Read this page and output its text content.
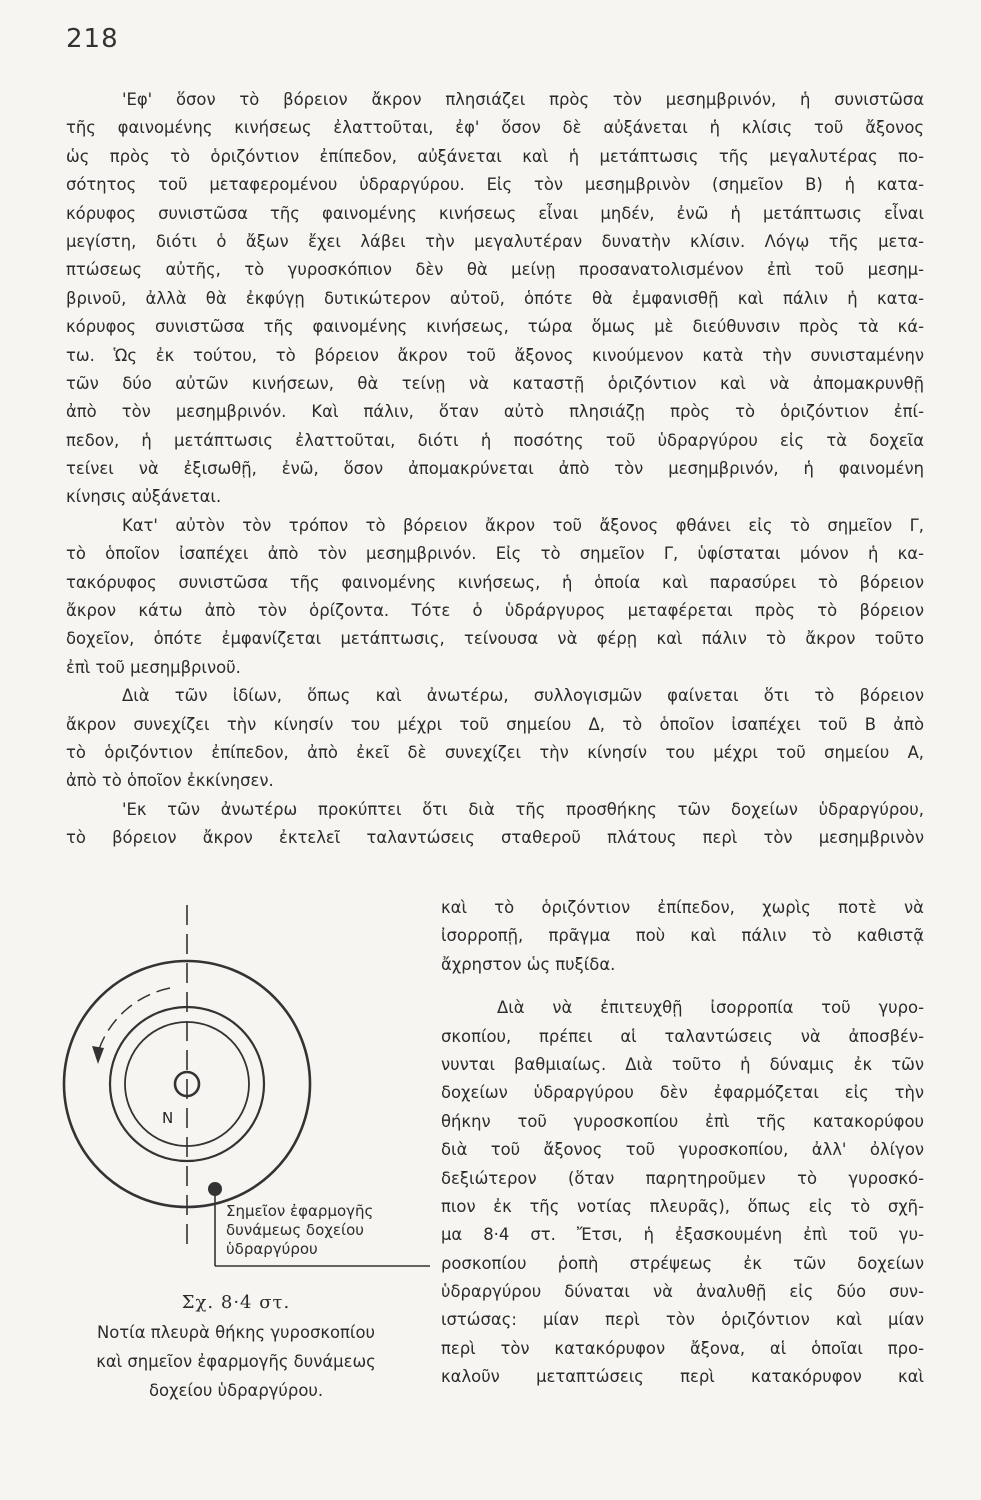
218
'Εφ' ὅσον τὸ βόρειον ἄκρον πλησιάζει πρὸς τὸν μεσημβρινόν, ἡ συνιστῶσα
τῆς φαινομένης κινήσεως ἐλαττοῦται, ἐφ' ὅσον δὲ αὐξάνεται ἡ κλίσις τοῦ ἄξονος
ὡς πρὸς τὸ ὁριζόντιον ἐπίπεδον, αὐξάνεται καὶ ἡ μετάπτωσις τῆς μεγαλυτέρας πο-
σότητος τοῦ μεταφερομένου ὑδραργύρου. Εἰς τὸν μεσημβρινὸν (σημεῖον Β) ἡ κατα-
κόρυφος συνιστῶσα τῆς φαινομένης κινήσεως εἶναι μηδέν, ἐνῶ ἡ μετάπτωσις εἶναι
μεγίστη, διότι ὁ ἄξων ἔχει λάβει τὴν μεγαλυτέραν δυνατὴν κλίσιν. Λόγῳ τῆς μετα-
πτώσεως αὐτῆς, τὸ γυροσκόπιον δὲν θὰ μείνῃ προσανατολισμένον ἐπὶ τοῦ μεσημ-
βρινοῦ, ἀλλὰ θὰ ἐκφύγῃ δυτικώτερον αὐτοῦ, ὁπότε θὰ ἐμφανισθῇ καὶ πάλιν ἡ κατα-
κόρυφος συνιστῶσα τῆς φαινομένης κινήσεως, τώρα ὅμως μὲ διεύθυνσιν πρὸς τὰ κά-
τω. Ὡς ἐκ τούτου, τὸ βόρειον ἄκρον τοῦ ἄξονος κινούμενον κατὰ τὴν συνισταμένην
τῶν δύο αὐτῶν κινήσεων, θὰ τείνῃ νὰ καταστῇ ὁριζόντιον καὶ νὰ ἀπομακρυνθῇ
ἀπὸ τὸν μεσημβρινόν. Καὶ πάλιν, ὅταν αὐτὸ πλησιάζῃ πρὸς τὸ ὁριζόντιον ἐπί-
πεδον, ἡ μετάπτωσις ἐλαττοῦται, διότι ἡ ποσότης τοῦ ὑδραργύρου εἰς τὰ δοχεῖα
τείνει νὰ ἐξισωθῇ, ἐνῶ, ὅσον ἀπομακρύνεται ἀπὸ τὸν μεσημβρινόν, ἡ φαινομένη
κίνησις αὐξάνεται.
Κατ' αὐτὸν τὸν τρόπον τὸ βόρειον ἄκρον τοῦ ἄξονος φθάνει εἰς τὸ σημεῖον Γ,
τὸ ὁποῖον ἰσαπέχει ἀπὸ τὸν μεσημβρινόν. Εἰς τὸ σημεῖον Γ, ὑφίσταται μόνον ἡ κα-
τακόρυφος συνιστῶσα τῆς φαινομένης κινήσεως, ἡ ὁποία καὶ παρασύρει τὸ βόρειον
ἄκρον κάτω ἀπὸ τὸν ὁρίζοντα. Τότε ὁ ὑδράργυρος μεταφέρεται πρὸς τὸ βόρειον
δοχεῖον, ὁπότε ἐμφανίζεται μετάπτωσις, τείνουσα νὰ φέρῃ καὶ πάλιν τὸ ἄκρον τοῦτο
ἐπὶ τοῦ μεσημβρινοῦ.
Διὰ τῶν ἰδίων, ὅπως καὶ ἀνωτέρω, συλλογισμῶν φαίνεται ὅτι τὸ βόρειον
ἄκρον συνεχίζει τὴν κίνησίν του μέχρι τοῦ σημείου Δ, τὸ ὁποῖον ἰσαπέχει τοῦ Β ἀπὸ
τὸ ὁριζόντιον ἐπίπεδον, ἀπὸ ἐκεῖ δὲ συνεχίζει τὴν κίνησίν του μέχρι τοῦ σημείου Α,
ἀπὸ τὸ ὁποῖον ἐκκίνησεν.
'Εκ τῶν ἀνωτέρω προκύπτει ὅτι διὰ τῆς προσθήκης τῶν δοχείων ὑδραργύρου,
τὸ βόρειον ἄκρον ἐκτελεῖ ταλαντώσεις σταθεροῦ πλάτους περὶ τὸν μεσημβρινὸν
καὶ τὸ ὁριζόντιον ἐπίπεδον, χωρὶς ποτὲ νὰ
ἰσορροπῇ, πρᾶγμα ποὺ καὶ πάλιν τὸ καθιστᾷ
ἄχρηστον ὡς πυξίδα.
Διὰ νὰ ἐπιτευχθῇ ἰσορροπία τοῦ γυρο-
σκοπίου, πρέπει αἱ ταλαντώσεις νὰ ἀποσβέν-
νυνται βαθμιαίως. Διὰ τοῦτο ἡ δύναμις ἐκ τῶν
δοχείων ὑδραργύρου δὲν ἐφαρμόζεται εἰς τὴν
θήκην τοῦ γυροσκοπίου ἐπὶ τῆς κατακορύφου
διὰ τοῦ ἄξονος τοῦ γυροσκοπίου, ἀλλ' ὀλίγον
δεξιώτερον (ὅταν παρητηροῦμεν τὸ γυροσκό-
πιον ἐκ τῆς νοτίας πλευρᾶς), ὅπως εἰς τὸ σχῆ-
μα 8·4 στ. Ἔτσι, ἡ ἐξασκουμένη ἐπὶ τοῦ γυ-
ροσκοπίου ῥοπὴ στρέψεως ἐκ τῶν δοχείων
ὑδραργύρου δύναται νὰ ἀναλυθῇ εἰς δύο συν-
ιστώσας: μίαν περὶ τὸν ὁριζόντιον καὶ μίαν
περὶ τὸν κατακόρυφον ἄξονα, αἱ ὁποῖαι προ-
καλοῦν μεταπτώσεις περὶ κατακόρυφον καὶ
N
Σημεῖον ἐφαρμογῆς
δυνάμεως δοχείου
ὑδραργύρου
Σχ. 8·4 στ.
Νοτία πλευρὰ θήκης γυροσκοπίου
καὶ σημεῖον ἐφαρμογῆς δυνάμεως
δοχείου ὑδραργύρου.
